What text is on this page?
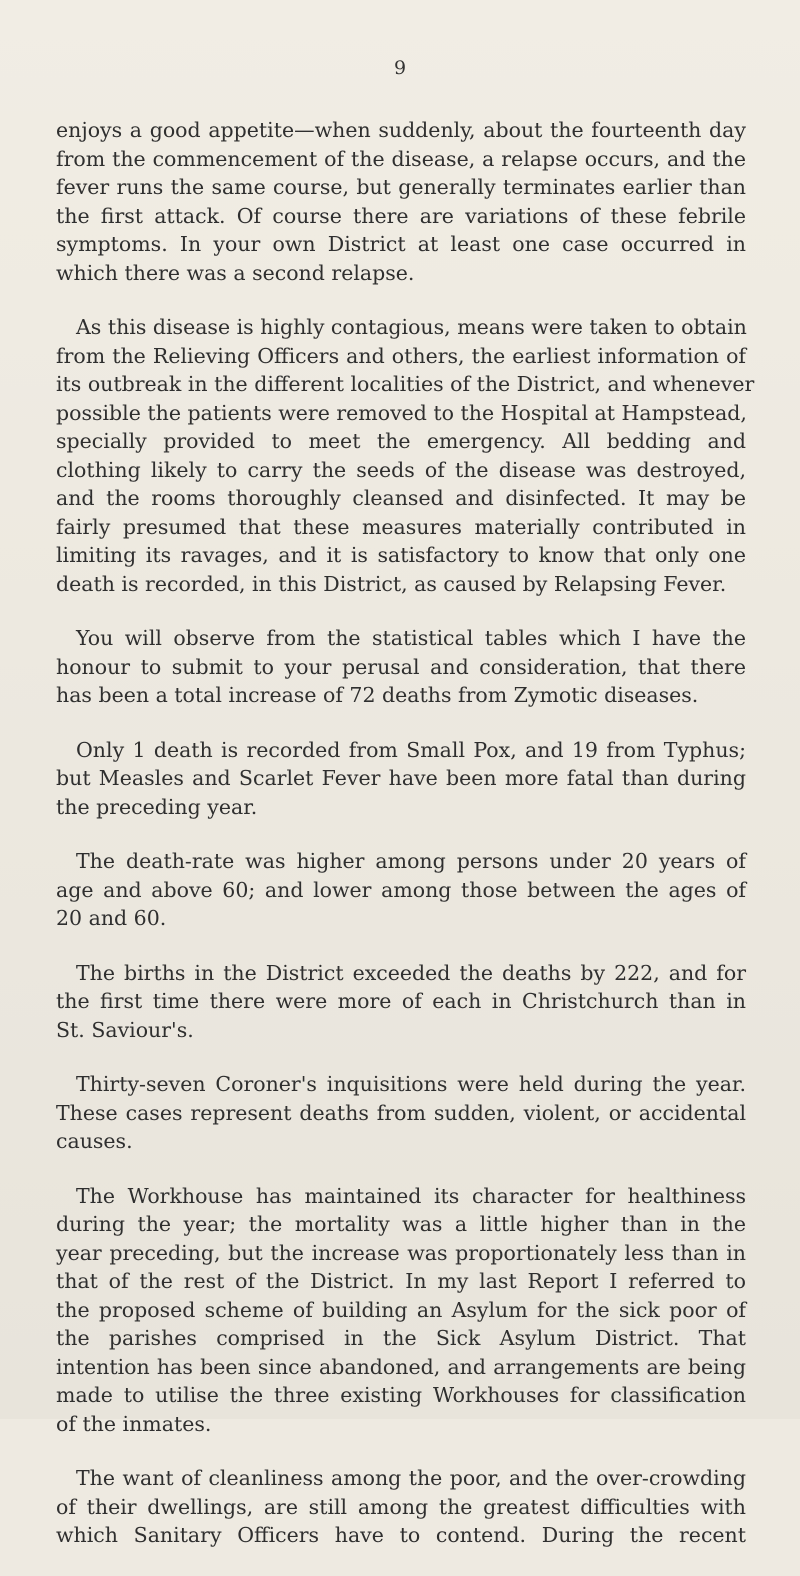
9

enjoys a good appetite—when suddenly, about the fourteenth day
from the commencement of the disease, a relapse occurs, and the
fever runs the same course, but generally terminates earlier than
the first attack. Of course there are variations of these febrile
symptoms. In your own District at least one case occurred in
which there was a second relapse.

As this disease is highly contagious, means were taken to obtain
from the Relieving Officers and others, the earliest information of
its outbreak in the different localities of the District, and whenever
possible the patients were removed to the Hospital at Hampstead,
specially provided to meet the emergency. All bedding and
clothing likely to carry the seeds of the disease was destroyed,
and the rooms thoroughly cleansed and disinfected. It may be
fairly presumed that these measures materially contributed in
limiting its ravages, and it is satisfactory to know that only one
death is recorded, in this District, as caused by Relapsing Fever.

You will observe from the statistical tables which I have the
honour to submit to your perusal and consideration, that there
has been a total increase of 72 deaths from Zymotic diseases.

Only 1 death is recorded from Small Pox, and 19 from Typhus;
but Measles and Scarlet Fever have been more fatal than during
the preceding year.

The death-rate was higher among persons under 20 years of
age and above 60; and lower among those between the ages of
20 and 60.

The births in the District exceeded the deaths by 222, and for
the first time there were more of each in Christchurch than in
St. Saviour's.

Thirty-seven Coroner's inquisitions were held during the year.
These cases represent deaths from sudden, violent, or accidental
causes.

The Workhouse has maintained its character for healthiness
during the year; the mortality was a little higher than in the
year preceding, but the increase was proportionately less than in
that of the rest of the District. In my last Report I referred to
the proposed scheme of building an Asylum for the sick poor of
the parishes comprised in the Sick Asylum District. That
intention has been since abandoned, and arrangements are being
made to utilise the three existing Workhouses for classification
of the inmates.

The want of cleanliness among the poor, and the over-crowding
of their dwellings, are still among the greatest difficulties with
which Sanitary Officers have to contend. During the recent
